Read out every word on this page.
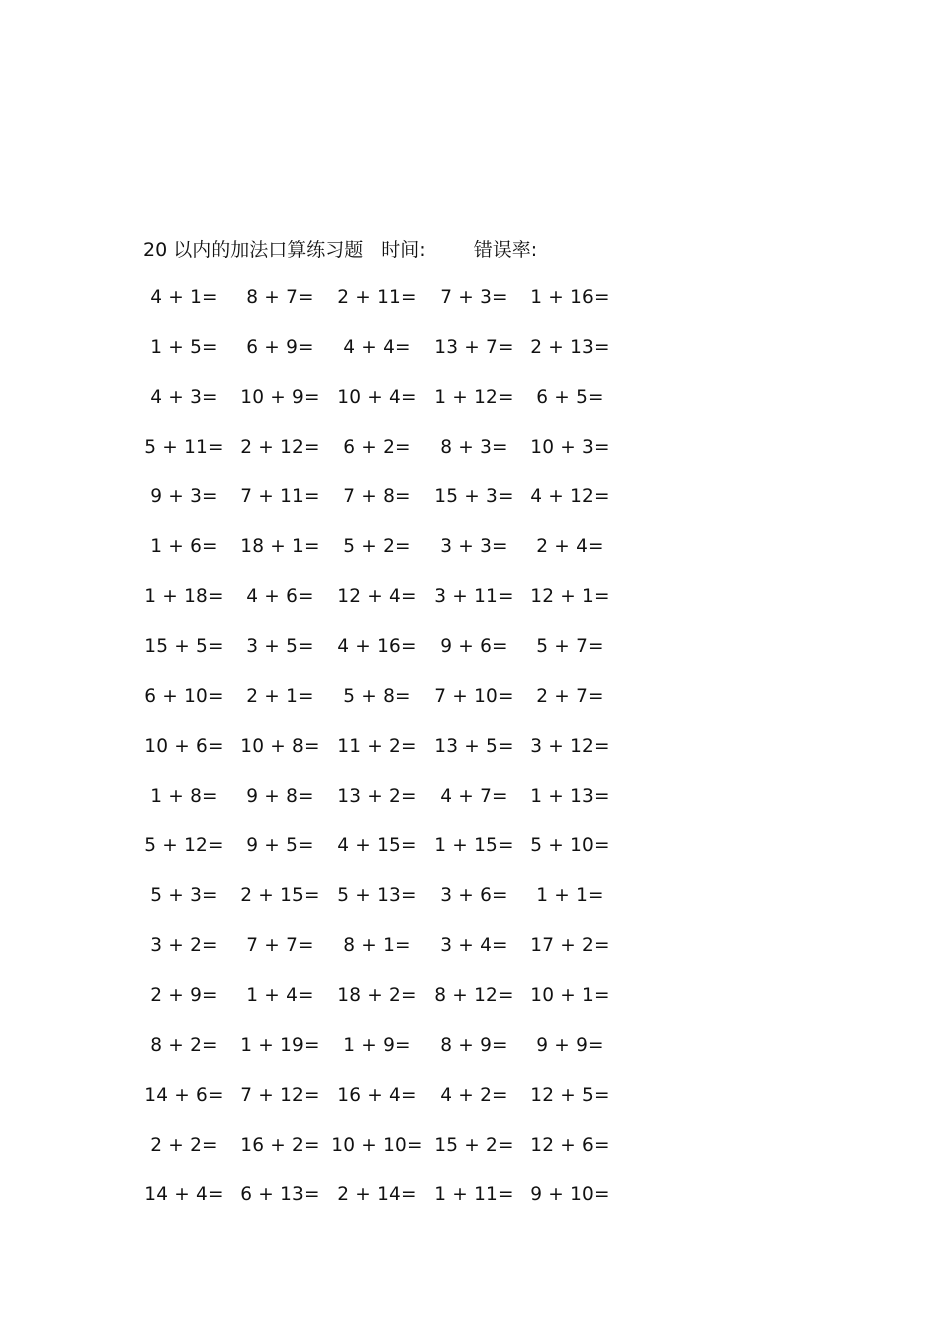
20 以内的加法口算练习题 时间:	错误率:
4 + 1= 8 + 7= 2 + 11= 7 + 3= 1 + 16=
1 + 5= 6 + 9= 4 + 4= 13 + 7= 2 + 13=
4 + 3= 10 + 9= 10 + 4= 1 + 12= 6 + 5=
5 + 11= 2 + 12= 6 + 2= 8 + 3= 10 + 3=
9 + 3= 7 + 11= 7 + 8= 15 + 3= 4 + 12=
1 + 6= 18 + 1= 5 + 2= 3 + 3= 2 + 4=
1 + 18= 4 + 6= 12 + 4= 3 + 11= 12 + 1=
15 + 5= 3 + 5= 4 + 16= 9 + 6= 5 + 7=
6 + 10= 2 + 1= 5 + 8= 7 + 10= 2 + 7=
10 + 6= 10 + 8= 11 + 2= 13 + 5= 3 + 12=
1 + 8= 9 + 8= 13 + 2= 4 + 7= 1 + 13=
5 + 12= 9 + 5= 4 + 15= 1 + 15= 5 + 10=
5 + 3= 2 + 15= 5 + 13= 3 + 6= 1 + 1=
3 + 2= 7 + 7= 8 + 1= 3 + 4= 17 + 2=
2 + 9= 1 + 4= 18 + 2= 8 + 12= 10 + 1=
8 + 2= 1 + 19= 1 + 9= 8 + 9= 9 + 9=
14 + 6= 7 + 12= 16 + 4= 4 + 2= 12 + 5=
2 + 2= 16 + 2= 10 + 10= 15 + 2= 12 + 6=
14 + 4= 6 + 13= 2 + 14= 1 + 11= 9 + 10=
